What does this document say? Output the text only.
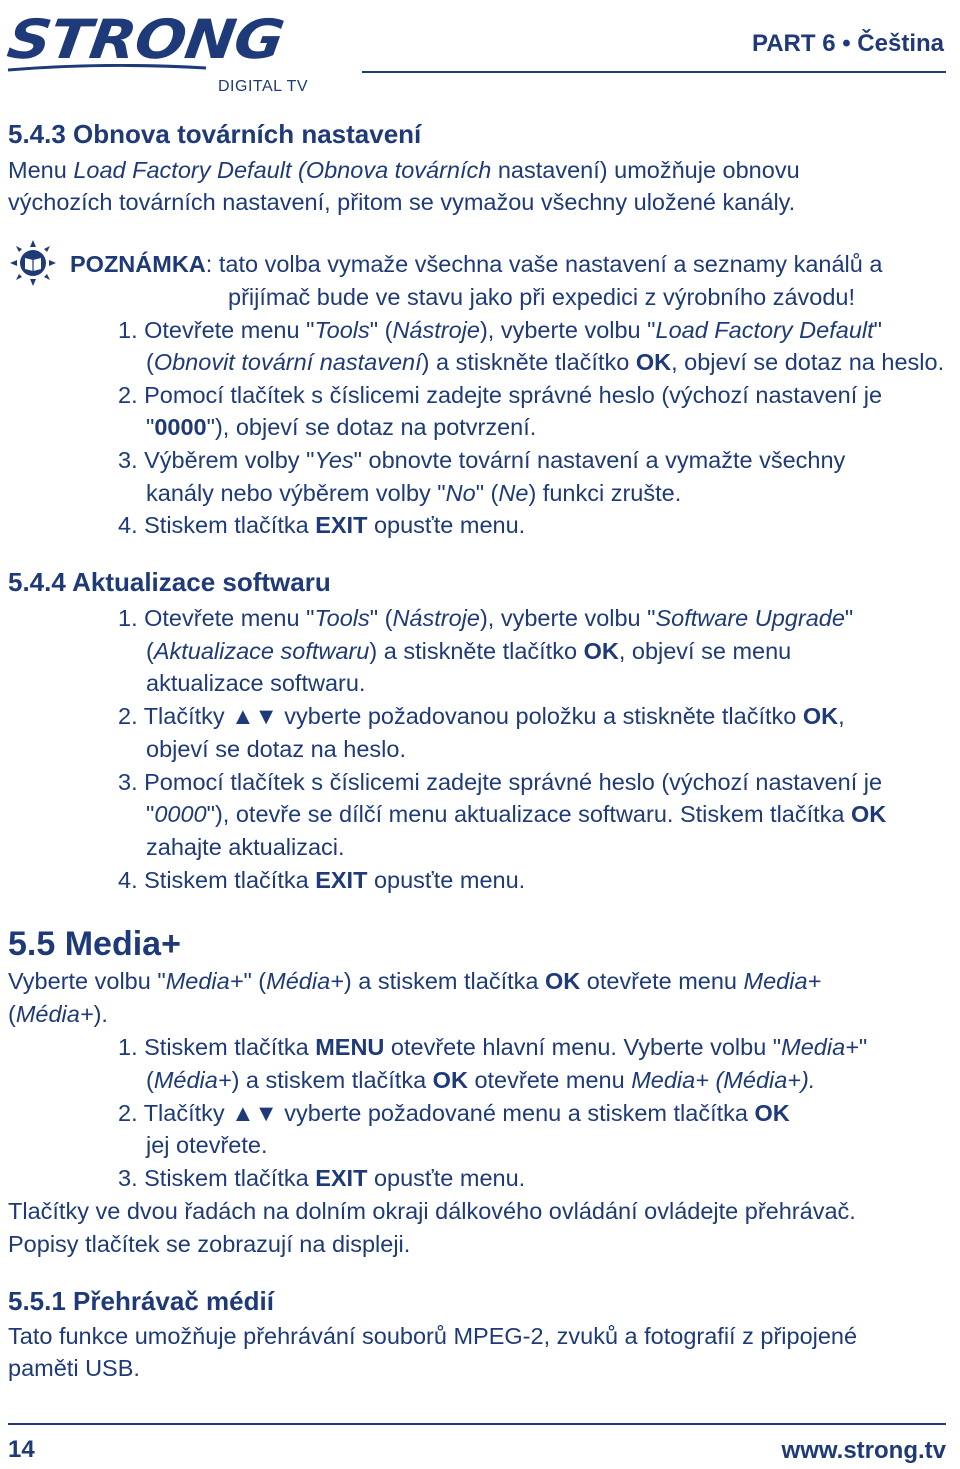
STRONG
DIGITAL TV
PART 6 • Čeština
5.4.3 Obnova továrních nastavení
Menu Load Factory Default (Obnova továrních nastavení) umožňuje obnovu
výchozích továrních nastavení, přitom se vymažou všechny uložené kanály.
POZNÁMKA: tato volba vymaže všechna vaše nastavení a seznamy kanálů a
přijímač bude ve stavu jako při expedici z výrobního závodu!
1. Otevřete menu "Tools" (Nástroje), vyberte volbu "Load Factory Default"
(Obnovit tovární nastavení) a stiskněte tlačítko OK, objeví se dotaz na heslo.
2. Pomocí tlačítek s číslicemi zadejte správné heslo (výchozí nastavení je
"0000"), objeví se dotaz na potvrzení.
3. Výběrem volby "Yes" obnovte tovární nastavení a vymažte všechny
kanály nebo výběrem volby "No" (Ne) funkci zrušte.
4. Stiskem tlačítka EXIT opusťte menu.
5.4.4 Aktualizace softwaru
1. Otevřete menu "Tools" (Nástroje), vyberte volbu "Software Upgrade"
(Aktualizace softwaru) a stiskněte tlačítko OK, objeví se menu
aktualizace softwaru.
2. Tlačítky ▲▼ vyberte požadovanou položku a stiskněte tlačítko OK,
objeví se dotaz na heslo.
3. Pomocí tlačítek s číslicemi zadejte správné heslo (výchozí nastavení je
"0000"), otevře se dílčí menu aktualizace softwaru. Stiskem tlačítka OK
zahajte aktualizaci.
4. Stiskem tlačítka EXIT opusťte menu.
5.5 Media+
Vyberte volbu "Media+" (Média+) a stiskem tlačítka OK otevřete menu Media+
(Média+).
1. Stiskem tlačítka MENU otevřete hlavní menu. Vyberte volbu "Media+"
(Média+) a stiskem tlačítka OK otevřete menu Media+ (Média+).
2. Tlačítky ▲▼ vyberte požadované menu a stiskem tlačítka OK
jej otevřete.
3. Stiskem tlačítka EXIT opusťte menu.
Tlačítky ve dvou řadách na dolním okraji dálkového ovládání ovládejte přehrávač.
Popisy tlačítek se zobrazují na displeji.
5.5.1 Přehrávač médií
Tato funkce umožňuje přehrávání souborů MPEG-2, zvuků a fotografií z připojené
paměti USB.
14	www.strong.tv
